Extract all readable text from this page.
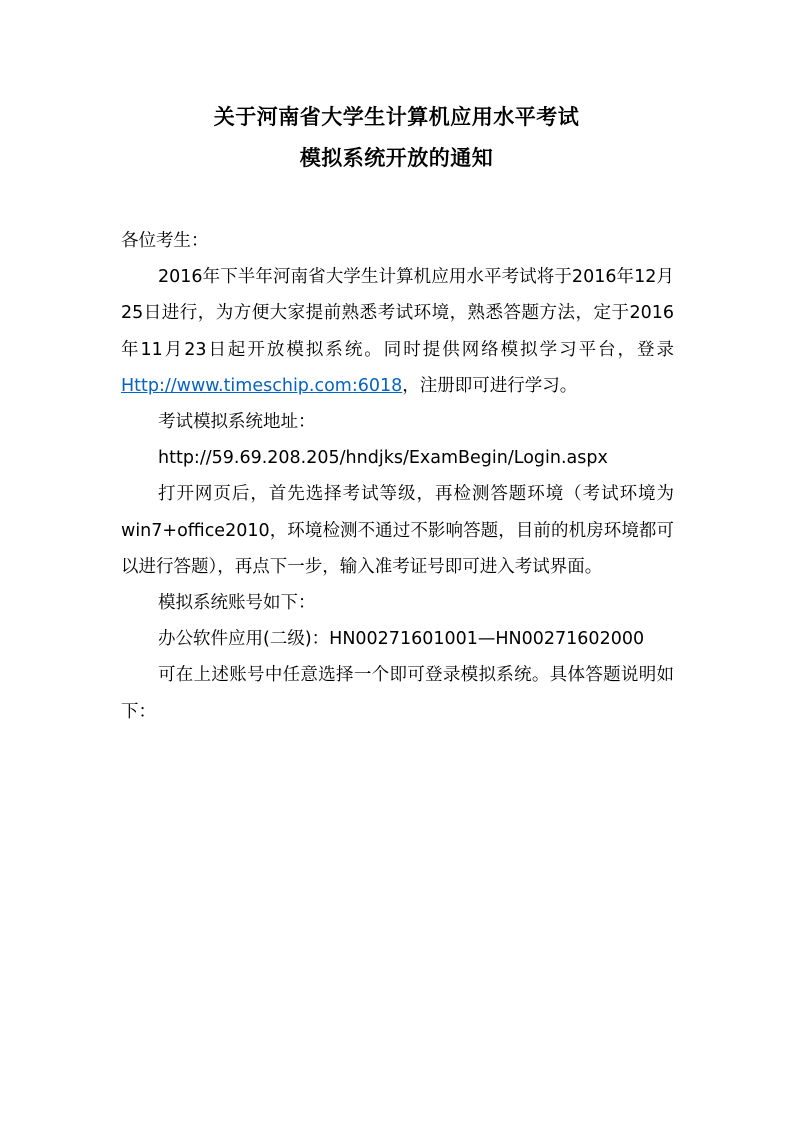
关于河南省大学生计算机应用水平考试
模拟系统开放的通知

各位考生：

2016年下半年河南省大学生计算机应用水平考试将于2016年12月25日进行，为方便大家提前熟悉考试环境，熟悉答题方法，定于2016年11月23日起开放模拟系统。同时提供网络模拟学习平台，登录Http://www.timeschip.com:6018，注册即可进行学习。

考试模拟系统地址：

http://59.69.208.205/hndjks/ExamBegin/Login.aspx

打开网页后，首先选择考试等级，再检测答题环境（考试环境为win7+office2010，环境检测不通过不影响答题，目前的机房环境都可以进行答题），再点下一步，输入准考证号即可进入考试界面。

模拟系统账号如下：

办公软件应用(二级)：HN00271601001—HN00271602000

可在上述账号中任意选择一个即可登录模拟系统。具体答题说明如下：
